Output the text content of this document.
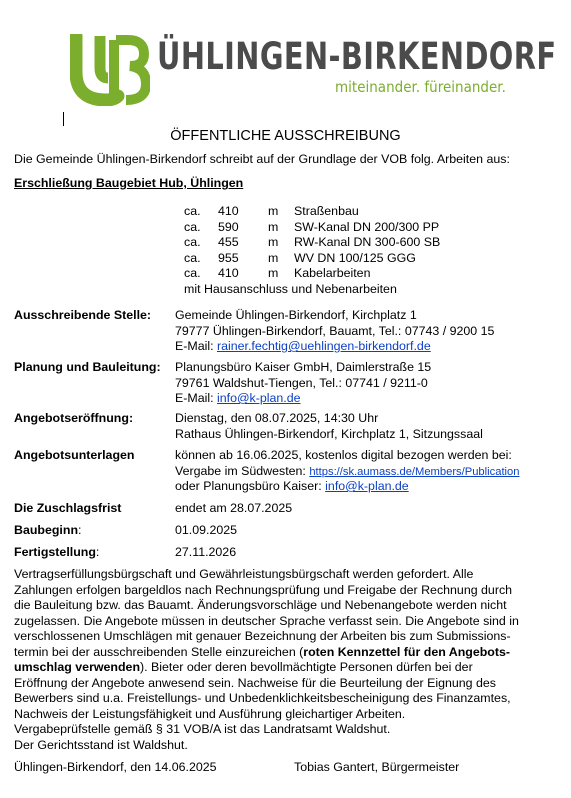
ÜHLINGEN-BIRKENDORF
miteinander. füreinander.
ÖFFENTLICHE AUSSCHREIBUNG
Die Gemeinde Ühlingen-Birkendorf schreibt auf der Grundlage der VOB folg. Arbeiten aus:
Erschließung Baugebiet Hub, Ühlingen
ca. 410 m Straßenbau
ca. 590 m SW-Kanal DN 200/300 PP
ca. 455 m RW-Kanal DN 300-600 SB
ca. 955 m WV DN 100/125 GGG
ca. 410 m Kabelarbeiten
mit Hausanschluss und Nebenarbeiten
Ausschreibende Stelle: Gemeinde Ühlingen-Birkendorf, Kirchplatz 1
79777 Ühlingen-Birkendorf, Bauamt, Tel.: 07743 / 9200 15
E-Mail: rainer.fechtig@uehlingen-birkendorf.de
Planung und Bauleitung: Planungsbüro Kaiser GmbH, Daimlerstraße 15
79761 Waldshut-Tiengen, Tel.: 07741 / 9211-0
E-Mail: info@k-plan.de
Angebotseröffnung:	Dienstag, den 08.07.2025, 14:30 Uhr
Rathaus Ühlingen-Birkendorf, Kirchplatz 1, Sitzungssaal
Angebotsunterlagen	können ab 16.06.2025, kostenlos digital bezogen werden bei:
Vergabe im Südwesten: https://sk.aumass.de/Members/Publication
oder Planungsbüro Kaiser: info@k-plan.de
Die Zuschlagsfrist	endet am 28.07.2025
Baubeginn:	01.09.2025
Fertigstellung:	27.11.2026
Vertragserfüllungsbürgschaft und Gewährleistungsbürgschaft werden gefordert. Alle
Zahlungen erfolgen bargeldlos nach Rechnungsprüfung und Freigabe der Rechnung durch
die Bauleitung bzw. das Bauamt. Änderungsvorschläge und Nebenangebote werden nicht
zugelassen. Die Angebote müssen in deutscher Sprache verfasst sein. Die Angebote sind in
verschlossenen Umschlägen mit genauer Bezeichnung der Arbeiten bis zum Submissions-
termin bei der ausschreibenden Stelle einzureichen (roten Kennzettel für den Angebots-
umschlag verwenden). Bieter oder deren bevollmächtigte Personen dürfen bei der
Eröffnung der Angebote anwesend sein. Nachweise für die Beurteilung der Eignung des
Bewerbers sind u.a. Freistellungs- und Unbedenklichkeitsbescheinigung des Finanzamtes,
Nachweis der Leistungsfähigkeit und Ausführung gleichartiger Arbeiten.
Vergabeprüfstelle gemäß § 31 VOB/A ist das Landratsamt Waldshut.
Der Gerichtsstand ist Waldshut.
Ühlingen-Birkendorf, den 14.06.2025	Tobias Gantert, Bürgermeister
